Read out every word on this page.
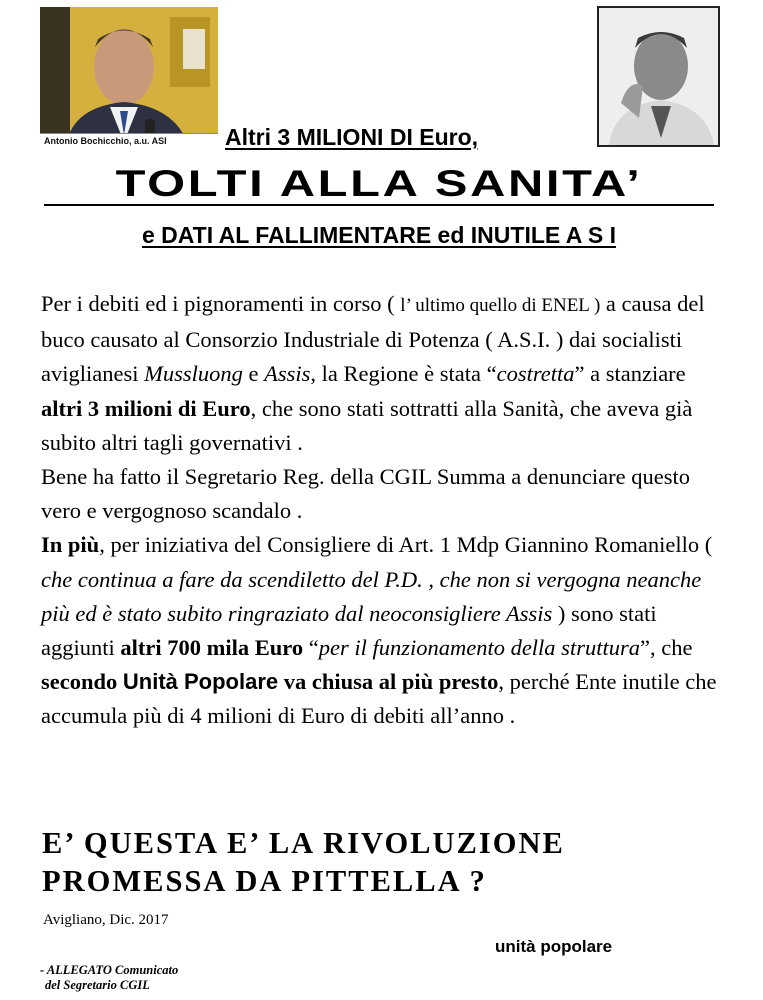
Antonio Bochicchio, a.u. ASI	Altri 3 MILIONI DI Euro,
TOLTI ALLA SANITA’
e DATI AL FALLIMENTARE ed INUTILE A S I

Per i debiti ed i pignoramenti in corso ( l’ ultimo quello di ENEL ) a causa del buco causato al Consorzio Industriale di Potenza ( A.S.I. ) dai socialisti aviglianesi Mussluong e Assis, la Regione è stata “costretta” a stanziare altri 3 milioni di Euro, che sono stati sottratti alla Sanità, che aveva già subito altri tagli governativi .

Bene ha fatto il Segretario Reg. della CGIL Summa a denunciare questo vero e vergognoso scandalo .

In più, per iniziativa del Consigliere di Art. 1 Mdp Giannino Romaniello ( che continua a fare da scendiletto del P.D. , che non si vergogna neanche più ed è stato subito ringraziato dal neoconsigliere Assis ) sono stati aggiunti altri 700 mila Euro “per il funzionamento della struttura”, che secondo Unità Popolare va chiusa al più presto, perché Ente inutile che accumula più di 4 milioni di Euro di debiti all’anno .

E’ QUESTA E’ LA RIVOLUZIONE
PROMESSA DA PITTELLA ?
Avigliano, Dic. 2017
unità popolare
- ALLEGATO Comunicato
del Segretario CGIL
